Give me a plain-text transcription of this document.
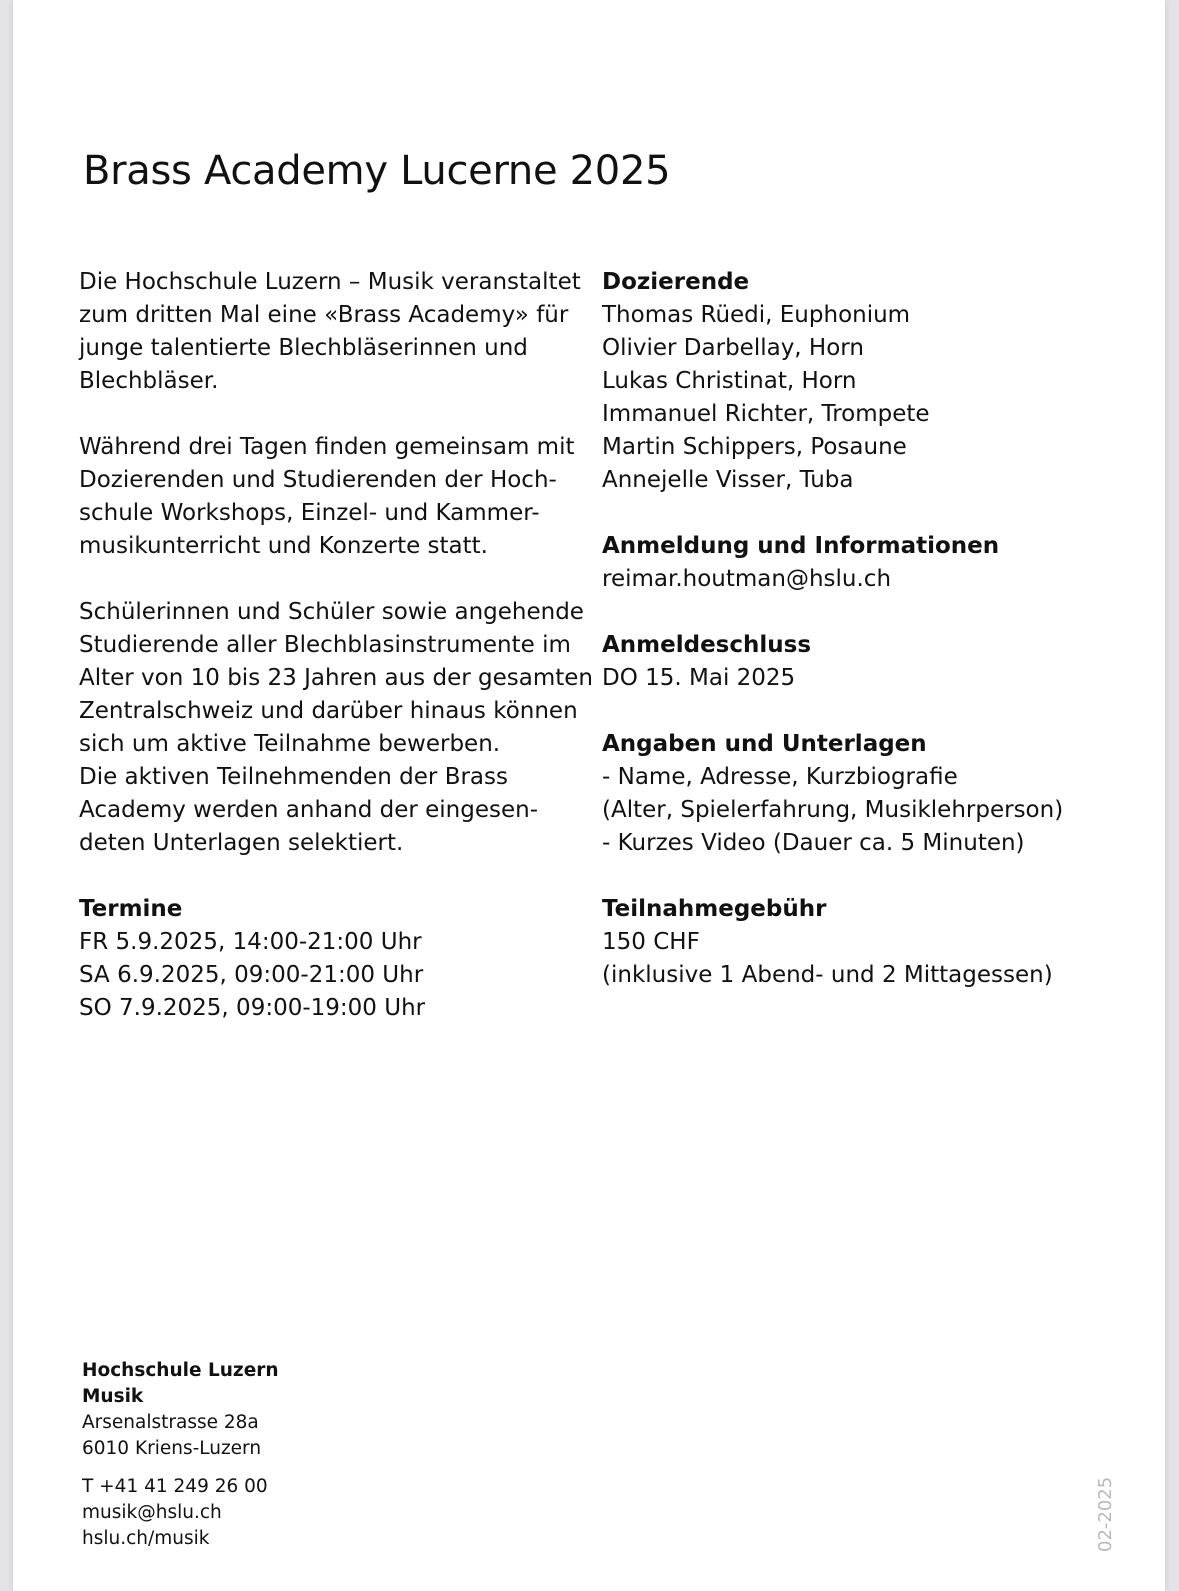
Brass Academy Lucerne 2025

Die Hochschule Luzern – Musik veranstaltet
zum dritten Mal eine «Brass Academy» für
junge talentierte Blechbläserinnen und
Blechbläser.

Während drei Tagen finden gemeinsam mit
Dozierenden und Studierenden der Hoch-
schule Workshops, Einzel- und Kammer-
musikunterricht und Konzerte statt.

Schülerinnen und Schüler sowie angehende
Studierende aller Blechblasinstrumente im
Alter von 10 bis 23 Jahren aus der gesamten
Zentralschweiz und darüber hinaus können
sich um aktive Teilnahme bewerben.
Die aktiven Teilnehmenden der Brass
Academy werden anhand der eingesen-
deten Unterlagen selektiert.

Termine
FR 5.9.2025, 14:00-21:00 Uhr
SA 6.9.2025, 09:00-21:00 Uhr
SO 7.9.2025, 09:00-19:00 Uhr
Dozierende
Thomas Rüedi, Euphonium
Olivier Darbellay, Horn
Lukas Christinat, Horn
Immanuel Richter, Trompete
Martin Schippers, Posaune
Annejelle Visser, Tuba
Anmeldung und Informationen
reimar.houtman@hslu.ch
Anmeldeschluss
DO 15. Mai 2025
Angaben und Unterlagen
- Name, Adresse, Kurzbiografie
(Alter, Spielerfahrung, Musiklehrperson)
- Kurzes Video (Dauer ca. 5 Minuten)
Teilnahmegebühr
150 CHF
(inklusive 1 Abend- und 2 Mittagessen)
Hochschule Luzern
Musik
Arsenalstrasse 28a
6010 Kriens-Luzern
T +41 41 249 26 00
musik@hslu.ch
hslu.ch/musik	02-2025
